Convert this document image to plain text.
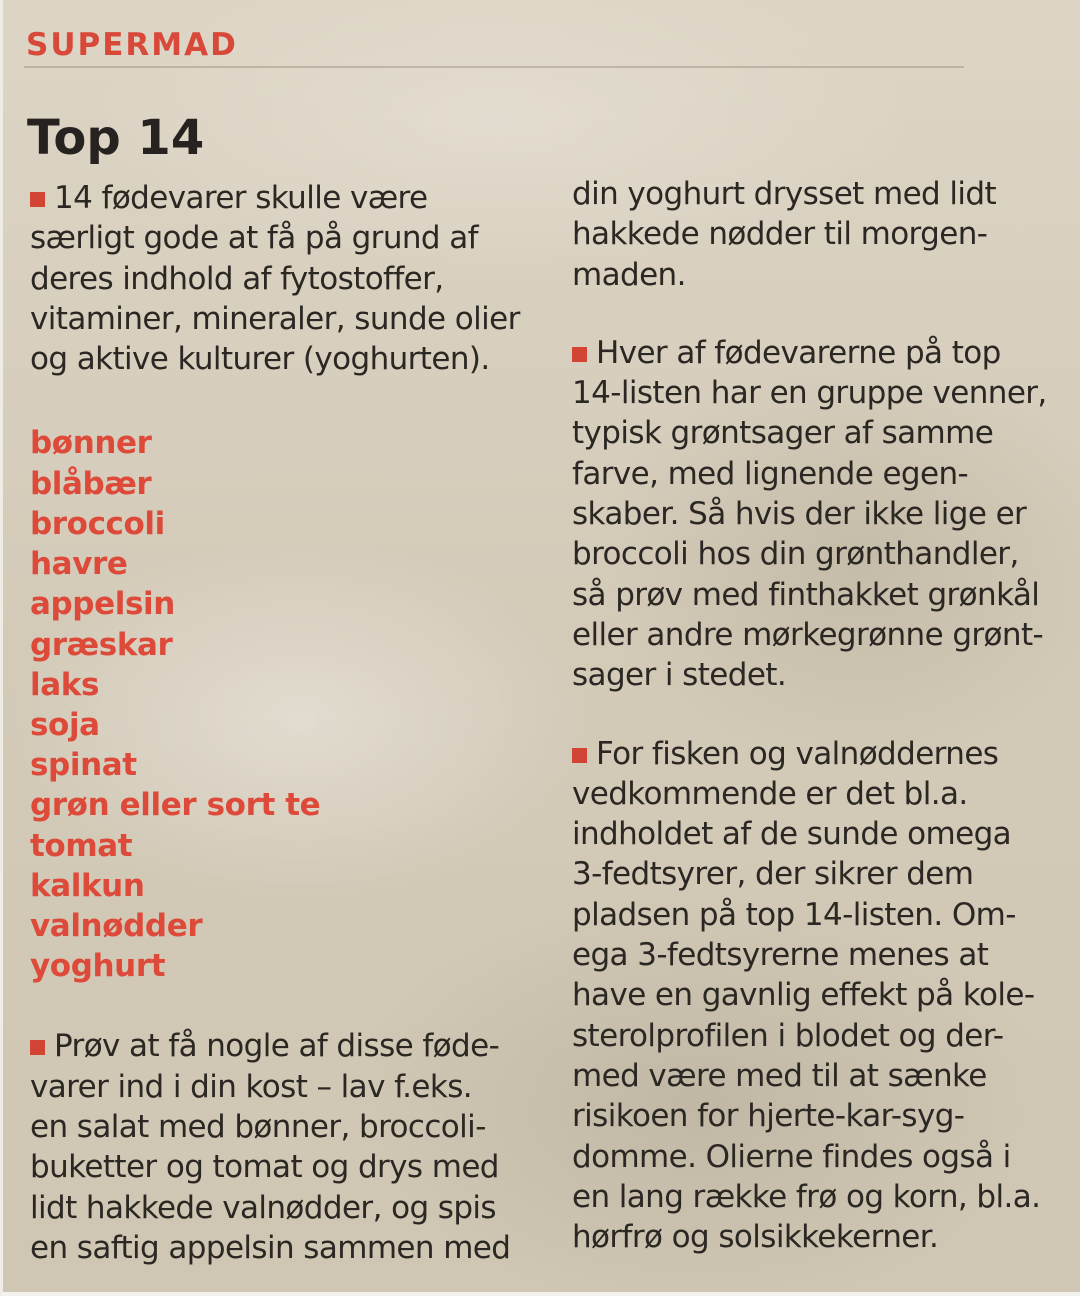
SUPERMAD
Top 14

14 fødevarer skulle være
særligt gode at få på grund af
deres indhold af fytostoffer,
vitaminer, mineraler, sunde olier
og aktive kulturer (yoghurten).

bønner
blåbær
broccoli
havre
appelsin
græskar
laks
soja
spinat
grøn eller sort te
tomat
kalkun
valnødder
yoghurt

Prøv at få nogle af disse føde-
varer ind i din kost – lav f.eks.
en salat med bønner, broccoli-
buketter og tomat og drys med
lidt hakkede valnødder, og spis
en saftig appelsin sammen med

din yoghurt drysset med lidt
hakkede nødder til morgen-
maden.

Hver af fødevarerne på top
14-listen har en gruppe venner,
typisk grøntsager af samme
farve, med lignende egen-
skaber. Så hvis der ikke lige er
broccoli hos din grønthandler,
så prøv med finthakket grønkål
eller andre mørkegrønne grønt-
sager i stedet.

For fisken og valnøddernes
vedkommende er det bl.a.
indholdet af de sunde omega
3-fedtsyrer, der sikrer dem
pladsen på top 14-listen. Om-
ega 3-fedtsyrerne menes at
have en gavnlig effekt på kole-
sterolprofilen i blodet og der-
med være med til at sænke
risikoen for hjerte-kar-syg-
domme. Olierne findes også i
en lang række frø og korn, bl.a.
hørfrø og solsikkekerner.
